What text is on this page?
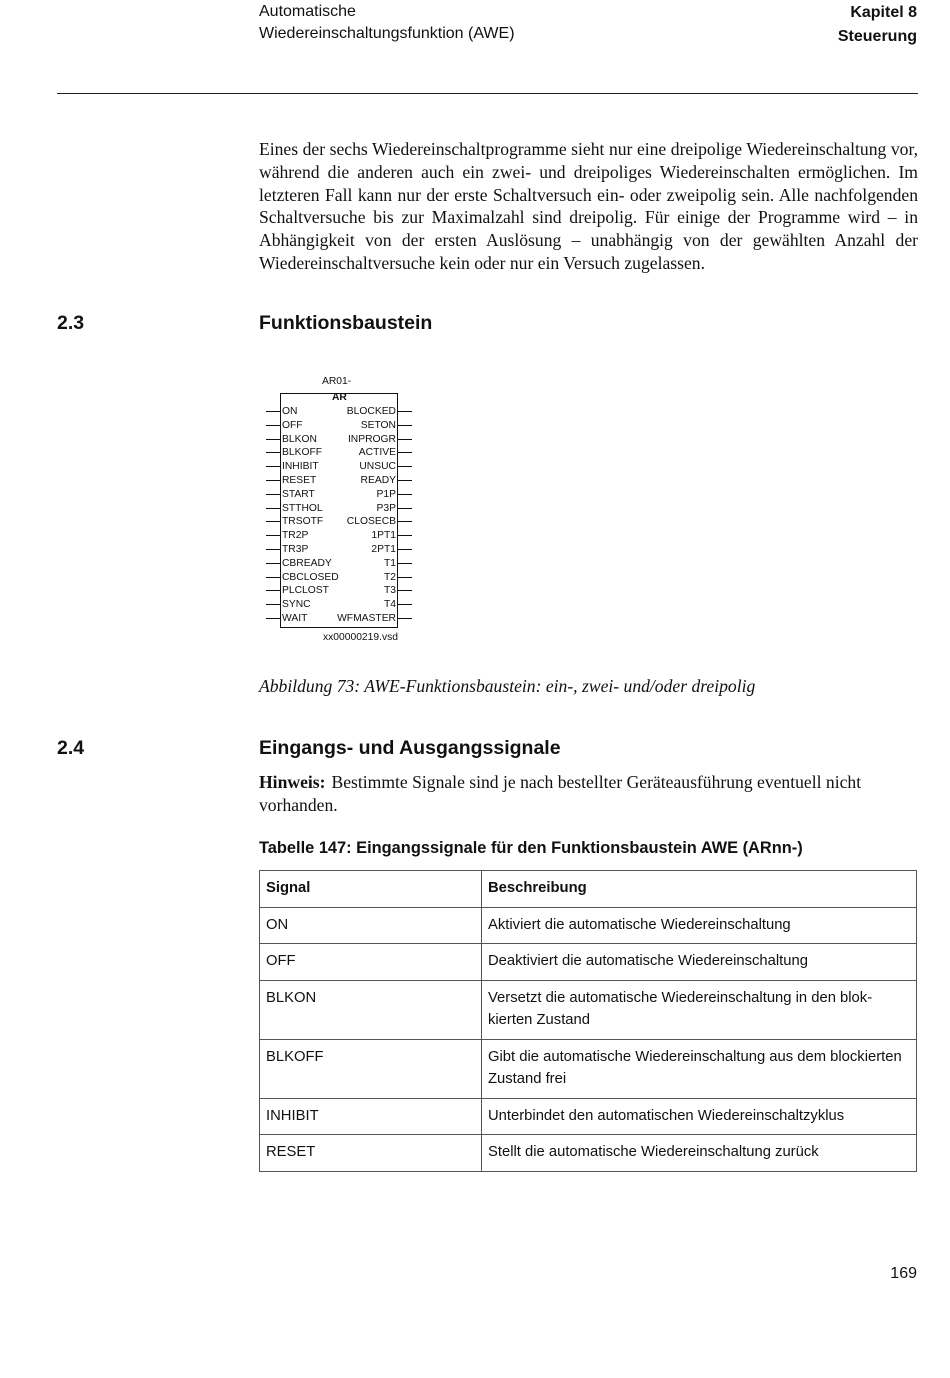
Automatische
Wiedereinschaltungsfunktion (AWE)
Kapitel 8
Steuerung

Eines der sechs Wiedereinschaltprogramme sieht nur eine dreipolige Wiedereinschaltung vor, während die anderen auch ein zwei- und dreipoliges Wiedereinschalten ermöglichen. Im letzteren Fall kann nur der erste Schaltversuch ein- oder zweipolig sein. Alle nachfolgenden Schaltversuche bis zur Maximalzahl sind dreipolig. Für einige der Programme wird – in Abhängigkeit von der ersten Auslösung – unabhängig von der gewählten Anzahl der Wiedereinschaltversuche kein oder nur ein Versuch zugelassen.

2.3	Funktionsbaustein
AR01-
AR
ON	BLOCKED
OFF	SETON
BLKON	INPROGR
BLKOFF	ACTIVE
INHIBIT	UNSUC
RESET	READY
START	P1P
STTHOL	P3P
TRSOTF CLOSECB
TR2P	1PT1
TR3P	2PT1
CBREADY	T1
CBCLOSED	T2
PLCLOST	T3
SYNC	T4
WAIT	WFMASTER
xx00000219.vsd
Abbildung 73: AWE-Funktionsbaustein: ein-, zwei- und/oder dreipolig
2.4	Eingangs- und Ausgangssignale
Hinweis: Bestimmte Signale sind je nach bestellter Geräteausführung eventuell nicht vorhanden.
Tabelle 147: Eingangssignale für den Funktionsbaustein AWE (ARnn-)
Signal	Beschreibung
ON	Aktiviert die automatische Wiedereinschaltung
OFF	Deaktiviert die automatische Wiedereinschaltung
BLKON	Versetzt die automatische Wiedereinschaltung in den blokkierten Zustand
BLKOFF	Gibt die automatische Wiedereinschaltung aus dem blockierten Zustand frei
INHIBIT	Unterbindet den automatischen Wiedereinschaltzyklus
RESET	Stellt die automatische Wiedereinschaltung zurück
169
